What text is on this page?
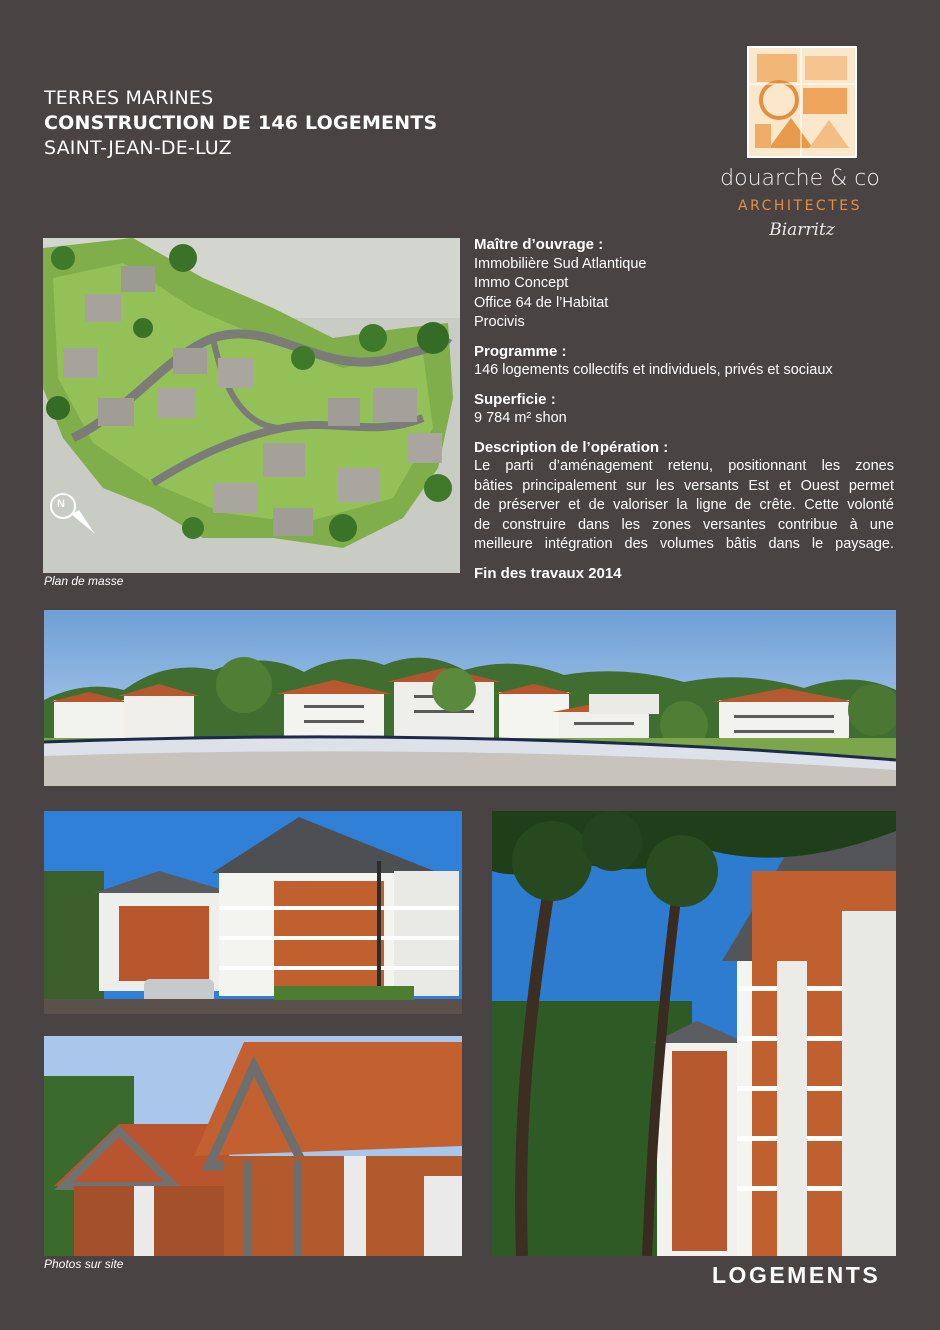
TERRES MARINES
CONSTRUCTION DE 146 LOGEMENTS
SAINT-JEAN-DE-LUZ
douarche & co
ARCHITECTES
Biarritz
N
Plan de masse
Maître d’ouvrage :
Immobilière Sud Atlantique
Immo Concept
Office 64 de l’Habitat
Procivis
Programme :
146 logements collectifs et individuels, privés et sociaux
Superficie :
9 784 m² shon
Description de l’opération :
Le parti d’aménagement retenu, positionnant les zones
bâties principalement sur les versants Est et Ouest permet
de préserver et de valoriser la ligne de crête. Cette volonté
de construire dans les zones versantes contribue à une
meilleure intégration des volumes bâtis dans le paysage.
Fin des travaux 2014
Photos sur site	LOGEMENTS
